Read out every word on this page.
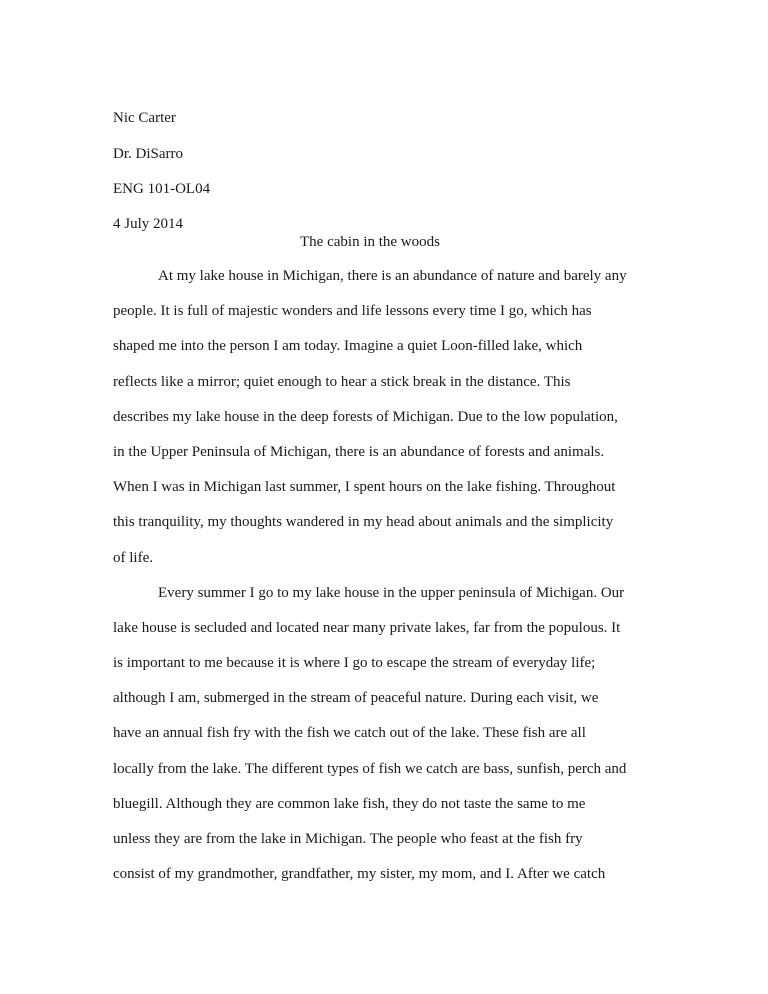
Nic Carter
Dr. DiSarro
ENG 101-OL04
4 July 2014
The cabin in the woods
At my lake house in Michigan, there is an abundance of nature and barely any
people. It is full of majestic wonders and life lessons every time I go, which has
shaped me into the person I am today. Imagine a quiet Loon-filled lake, which
reflects like a mirror; quiet enough to hear a stick break in the distance. This
describes my lake house in the deep forests of Michigan. Due to the low population,
in the Upper Peninsula of Michigan, there is an abundance of forests and animals.
When I was in Michigan last summer, I spent hours on the lake fishing. Throughout
this tranquility, my thoughts wandered in my head about animals and the simplicity
of life.
Every summer I go to my lake house in the upper peninsula of Michigan. Our
lake house is secluded and located near many private lakes, far from the populous. It
is important to me because it is where I go to escape the stream of everyday life;
although I am, submerged in the stream of peaceful nature. During each visit, we
have an annual fish fry with the fish we catch out of the lake. These fish are all
locally from the lake. The different types of fish we catch are bass, sunfish, perch and
bluegill. Although they are common lake fish, they do not taste the same to me
unless they are from the lake in Michigan. The people who feast at the fish fry
consist of my grandmother, grandfather, my sister, my mom, and I. After we catch
